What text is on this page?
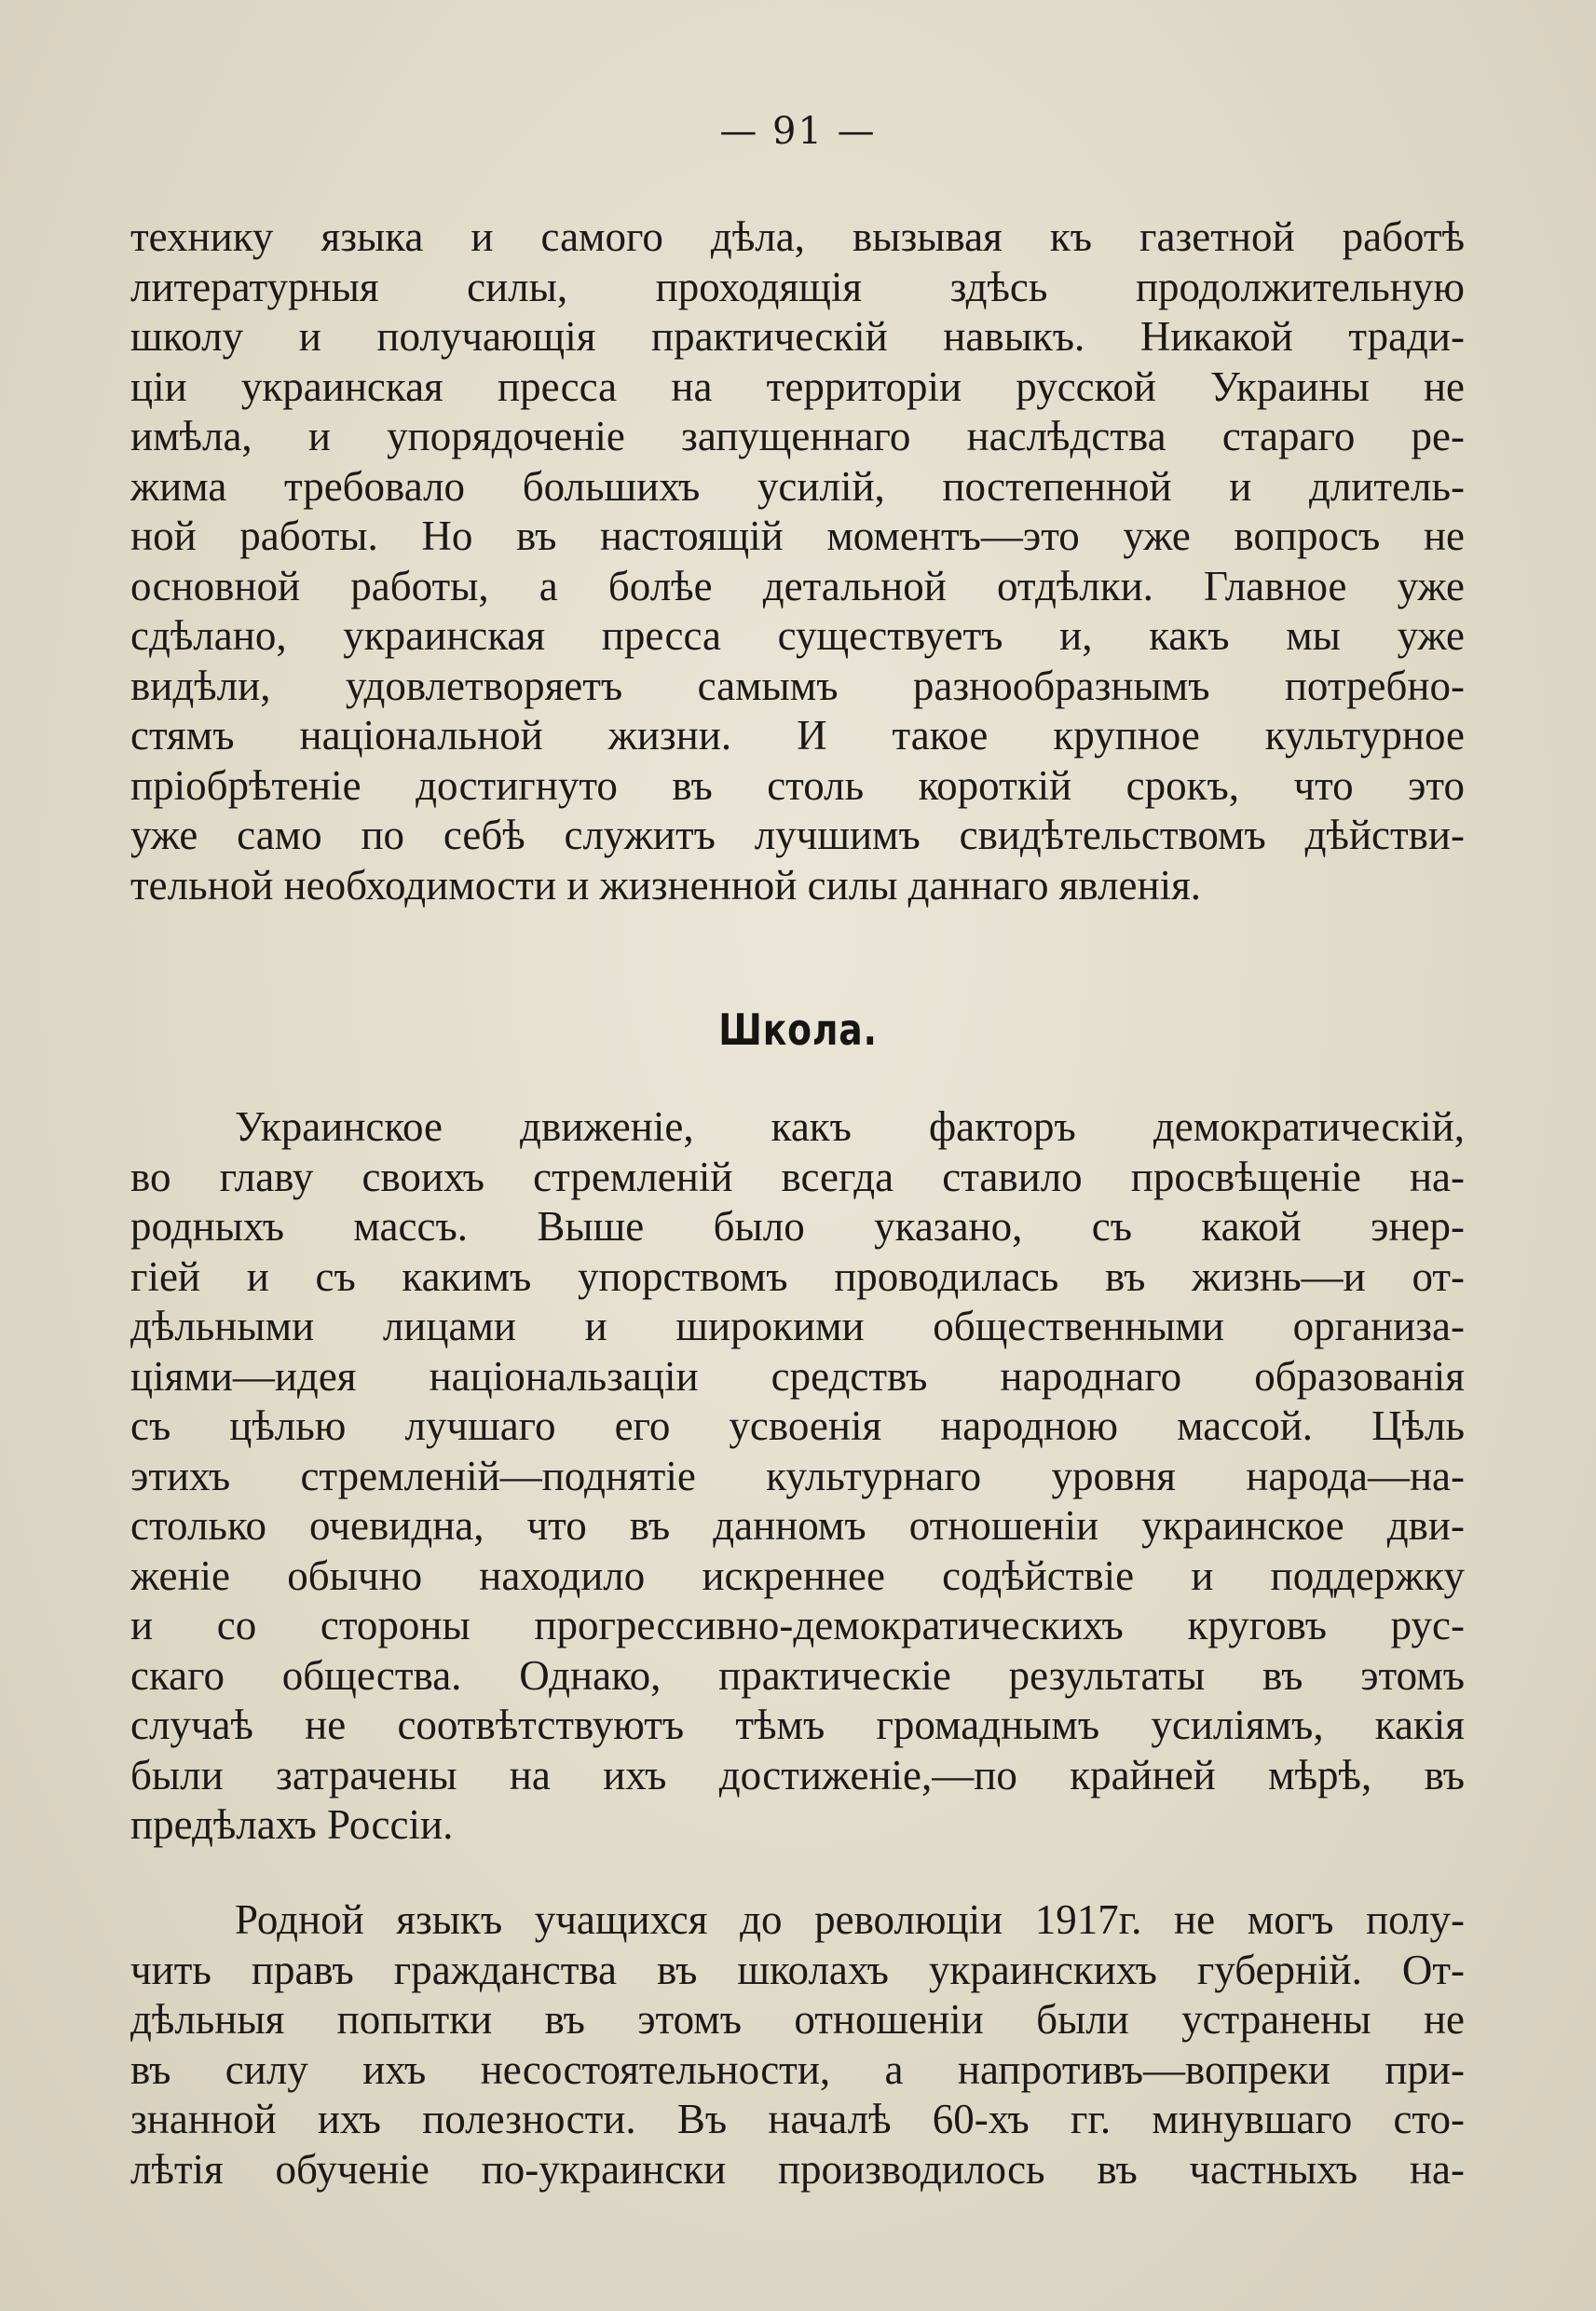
— 91 —
технику языка и самого дѣла, вызывая къ газетной работѣ
литературныя силы, проходящія здѣсь продолжительную
школу и получающія практическій навыкъ. Никакой тради-
ціи украинская пресса на территоріи русской Украины не
имѣла, и упорядоченіе запущеннаго наслѣдства стараго ре-
жима требовало большихъ усилій, постепенной и длитель-
ной работы. Но въ настоящій моментъ—это уже вопросъ не
основной работы, а болѣе детальной отдѣлки. Главное уже
сдѣлано, украинская пресса существуетъ и, какъ мы уже
видѣли, удовлетворяетъ самымъ разнообразнымъ потребно-
стямъ національной жизни. И такое крупное культурное
пріобрѣтеніе достигнуто въ столь короткій срокъ, что это
уже само по себѣ служитъ лучшимъ свидѣтельствомъ дѣйстви-
тельной необходимости и жизненной силы даннаго явленія.
Школа.
Украинское движеніе, какъ факторъ демократическій,
во главу своихъ стремленій всегда ставило просвѣщеніе на-
родныхъ массъ. Выше было указано, съ какой энер-
гіей и съ какимъ упорствомъ проводилась въ жизнь—и от-
дѣльными лицами и широкими общественными организа-
ціями—идея національзаціи средствъ народнаго образованія
съ цѣлью лучшаго его усвоенія народною массой. Цѣль
этихъ стремленій—поднятіе культурнаго уровня народа—на-
столько очевидна, что въ данномъ отношеніи украинское дви-
женіе обычно находило искреннее содѣйствіе и поддержку
и со стороны прогрессивно-демократическихъ круговъ рус-
скаго общества. Однако, практическіе результаты въ этомъ
случаѣ не соотвѣтствуютъ тѣмъ громаднымъ усиліямъ, какія
были затрачены на ихъ достиженіе,—по крайней мѣрѣ, въ
предѣлахъ Россіи.
Родной языкъ учащихся до революціи 1917г. не могъ полу-
чить правъ гражданства въ школахъ украинскихъ губерній. От-
дѣльныя попытки въ этомъ отношеніи были устранены не
въ силу ихъ несостоятельности, а напротивъ—вопреки при-
знанной ихъ полезности. Въ началѣ 60-хъ гг. минувшаго сто-
лѣтія обученіе по-украински производилось въ частныхъ на-
